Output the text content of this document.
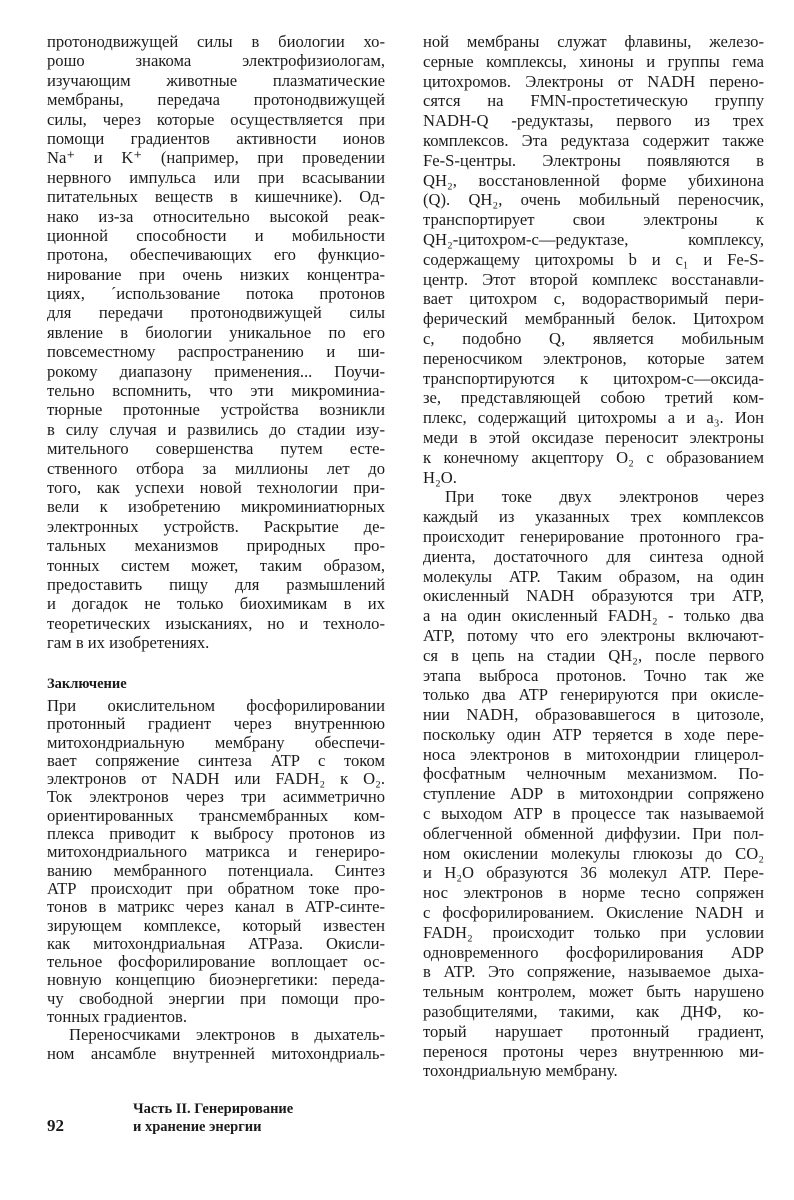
протонодвижущей силы в биологии хо-
рошо знакома электрофизиологам,
изучающим животные плазматические
мембраны, передача протонодвижущей
силы, через которые осуществляется при
помощи градиентов активности ионов
Na⁺ и K⁺ (например, при проведении
нервного импульса или при всасывании
питательных веществ в кишечнике). Од-
нако из-за относительно высокой реак-
ционной способности и мобильности
протона, обеспечивающих его функцио-
нирование при очень низких концентра-
циях, ´использование потока протонов
для передачи протонодвижущей силы
явление в биологии уникальное по его
повсеместному распространению и ши-
рокому диапазону применения... Поучи-
тельно вспомнить, что эти микроминиа-
тюрные протонные устройства возникли
в силу случая и развились до стадии изу-
мительного совершенства путем есте-
ственного отбора за миллионы лет до
того, как успехи новой технологии при-
вели к изобретению микроминиатюрных
электронных устройств. Раскрытие де-
тальных механизмов природных про-
тонных систем может, таким образом,
предоставить пищу для размышлений
и догадок не только биохимикам в их
теоретических изысканиях, но и техноло-
гам в их изобретениях.
Заключение
При окислительном фосфорилировании
протонный градиент через внутреннюю
митохондриальную мембрану обеспечи-
вает сопряжение синтеза ATP с током
электронов от NADH или FADH₂ к O₂.
Ток электронов через три асимметрично
ориентированных трансмембранных ком-
плекса приводит к выбросу протонов из
митохондриального матрикса и генериро-
ванию мембранного потенциала. Синтез
ATP происходит при обратном токе про-
тонов в матрикс через канал в ATP-синте-
зирующем комплексе, который известен
как митохондриальная ATPаза. Окисли-
тельное фосфорилирование воплощает ос-
новную концепцию биоэнергетики: переда-
чу свободной энергии при помощи про-
тонных градиентов.
Переносчиками электронов в дыхатель-
ном ансамбле внутренней митохондриаль-
ной мембраны служат флавины, железо-
серные комплексы, хиноны и группы гема
цитохромов. Электроны от NADH перено-
сятся на FMN-простетическую группу
NADH-Q -редуктазы, первого из трех
комплексов. Эта редуктаза содержит также
Fe-S-центры. Электроны появляются в
QH₂, восстановленной форме убихинона
(Q). QH₂, очень мобильный переносчик,
транспортирует свои электроны к
QH₂-цитохром-c—редуктазе, комплексу,
содержащему цитохромы b и c₁ и Fe-S-
центр. Этот второй комплекс восстанавли-
вает цитохром c, водорастворимый пери-
ферический мембранный белок. Цитохром
c, подобно Q, является мобильным
переносчиком электронов, которые затем
транспортируются к цитохром-c—оксида-
зе, представляющей собою третий ком-
плекс, содержащий цитохромы a и a₃. Ион
меди в этой оксидазе переносит электроны
к конечному акцептору O₂ с образованием
H₂O.
При токе двух электронов через
каждый из указанных трех комплексов
происходит генерирование протонного гра-
диента, достаточного для синтеза одной
молекулы ATP. Таким образом, на один
окисленный NADH образуются три ATP,
а на один окисленный FADH₂ - только два
ATP, потому что его электроны включают-
ся в цепь на стадии QH₂, после первого
этапа выброса протонов. Точно так же
только два ATP генерируются при окисле-
нии NADH, образовавшегося в цитозоле,
поскольку один ATP теряется в ходе пере-
носа электронов в митохондрии глицерол-
фосфатным челночным механизмом. По-
ступление ADP в митохондрии сопряжено
с выходом ATP в процессе так называемой
облегченной обменной диффузии. При пол-
ном окислении молекулы глюкозы до CO₂
и H₂O образуются 36 молекул ATP. Пере-
нос электронов в норме тесно сопряжен
с фосфорилированием. Окисление NADH и
FADH₂ происходит только при условии
одновременного фосфорилирования ADP
в ATP. Это сопряжение, называемое дыха-
тельным контролем, может быть нарушено
разобщителями, такими, как ДНФ, ко-
торый нарушает протонный градиент,
перенося протоны через внутреннюю ми-
тохондриальную мембрану.
92
Часть II. Генерирование
и хранение энергии
